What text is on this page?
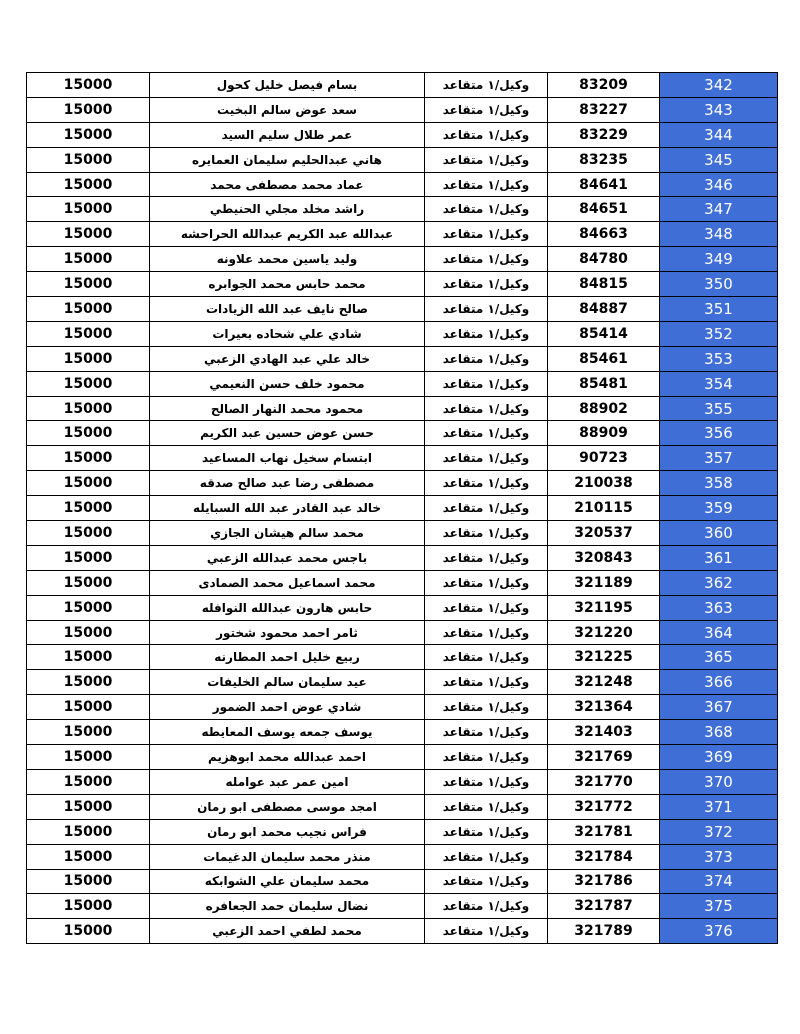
15000	بسام فيصل خليل كحول	وكيل/١ متقاعد	83209	342
15000	سعد عوض سالم البخيت	وكيل/١ متقاعد	83227	343
15000	عمر طلال سليم السيد	وكيل/١ متقاعد	83229	344
15000	هاني عبدالحليم سليمان العمايره	وكيل/١ متقاعد	83235	345
15000	عماد محمد مصطفى محمد	وكيل/١ متقاعد	84641	346
15000	راشد مخلد مجلي الحنيطي	وكيل/١ متقاعد	84651	347
15000	عبدالله عبد الكريم عبدالله الحراحشه	وكيل/١ متقاعد	84663	348
15000	وليد ياسين محمد علاونه	وكيل/١ متقاعد	84780	349
15000	محمد حابس محمد الجوابره	وكيل/١ متقاعد	84815	350
15000	صالح نايف عبد الله الزيادات	وكيل/١ متقاعد	84887	351
15000	شادي علي شحاده بعيرات	وكيل/١ متقاعد	85414	352
15000	خالد علي عبد الهادي الزعبي	وكيل/١ متقاعد	85461	353
15000	محمود خلف حسن النعيمي	وكيل/١ متقاعد	85481	354
15000	محمود محمد النهار الصالح	وكيل/١ متقاعد	88902	355
15000	حسن عوض حسين عبد الكريم	وكيل/١ متقاعد	88909	356
15000	ابتسام سخيل نهاب المساعيد	وكيل/١ متقاعد	90723	357
15000	مصطفى رضا عبد صالح صدقه	وكيل/١ متقاعد	210038	358
15000	خالد عبد القادر عبد الله السبايله	وكيل/١ متقاعد	210115	359
15000	محمد سالم هيشان الجازي	وكيل/١ متقاعد	320537	360
15000	باجس محمد عبدالله الزعبي	وكيل/١ متقاعد	320843	361
15000	محمد اسماعيل محمد الصمادى	وكيل/١ متقاعد	321189	362
15000	حابس هارون عبدالله النوافله	وكيل/١ متقاعد	321195	363
15000	ثامر احمد محمود شختور	وكيل/١ متقاعد	321220	364
15000	ربيع خليل احمد المطارنه	وكيل/١ متقاعد	321225	365
15000	عيد سليمان سالم الخليفات	وكيل/١ متقاعد	321248	366
15000	شادي عوض احمد الضمور	وكيل/١ متقاعد	321364	367
15000	يوسف جمعه يوسف المعايطه	وكيل/١ متقاعد	321403	368
15000	احمد عبدالله محمد ابوهزيم	وكيل/١ متقاعد	321769	369
15000	امين عمر عبد عوامله	وكيل/١ متقاعد	321770	370
15000	امجد موسى مصطفى ابو رمان	وكيل/١ متقاعد	321772	371
15000	فراس نجيب محمد ابو رمان	وكيل/١ متقاعد	321781	372
15000	منذر محمد سليمان الدغيمات	وكيل/١ متقاعد	321784	373
15000	محمد سليمان علي الشوابكه	وكيل/١ متقاعد	321786	374
15000	نضال سليمان حمد الجعافره	وكيل/١ متقاعد	321787	375
15000	محمد لطفي احمد الزعبي	وكيل/١ متقاعد	321789	376
